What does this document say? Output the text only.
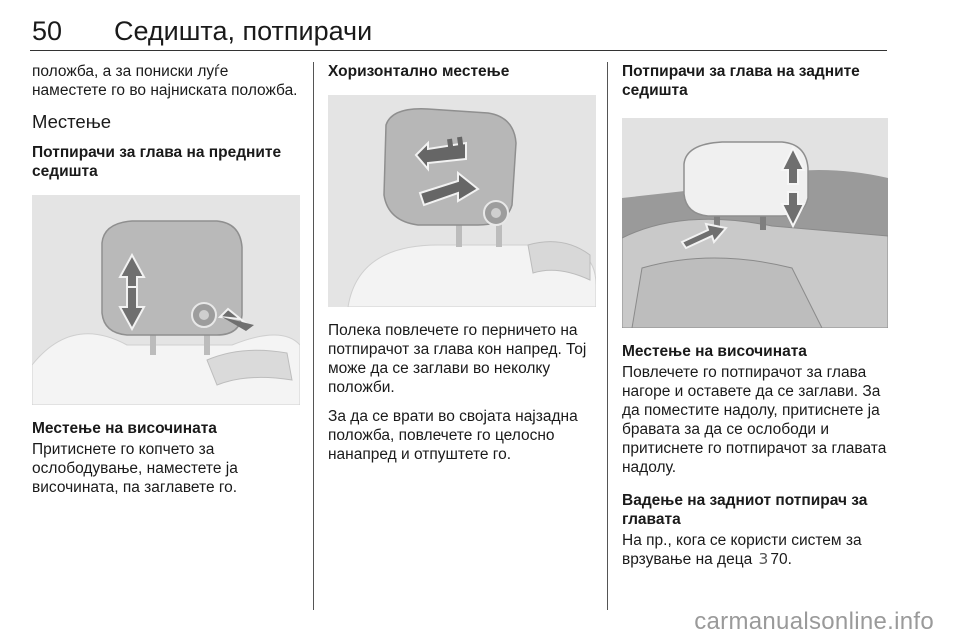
50 Седишта, потпирачи

положба, а за пониски луѓе наместете го во најниската положба.

Местење
Потпирачи за глава на предните седишта
Местење на височината

Притиснете го копчето за ослободување, наместете ја височината, па заглавете го.

Хоризонтално местење

Полека повлечете го перничето на потпирачот за глава кон напред. Тој може да се заглави во неколку положби.

За да се врати во својата најзадна положба, повлечете го целосно нанапред и отпуштете го.

Потпирачи за глава на задните седишта
Местење на височината

Повлечете го потпирачот за глава нагоре и оставете да се заглави. За да поместите надолу, притиснете ја бравата за да се ослободи и притиснете го потпирачот за главата надолу.

Вадење на задниот потпирач за главата

На пр., кога се користи систем за врзување на деца 3 70.

carmanualsonline.info
